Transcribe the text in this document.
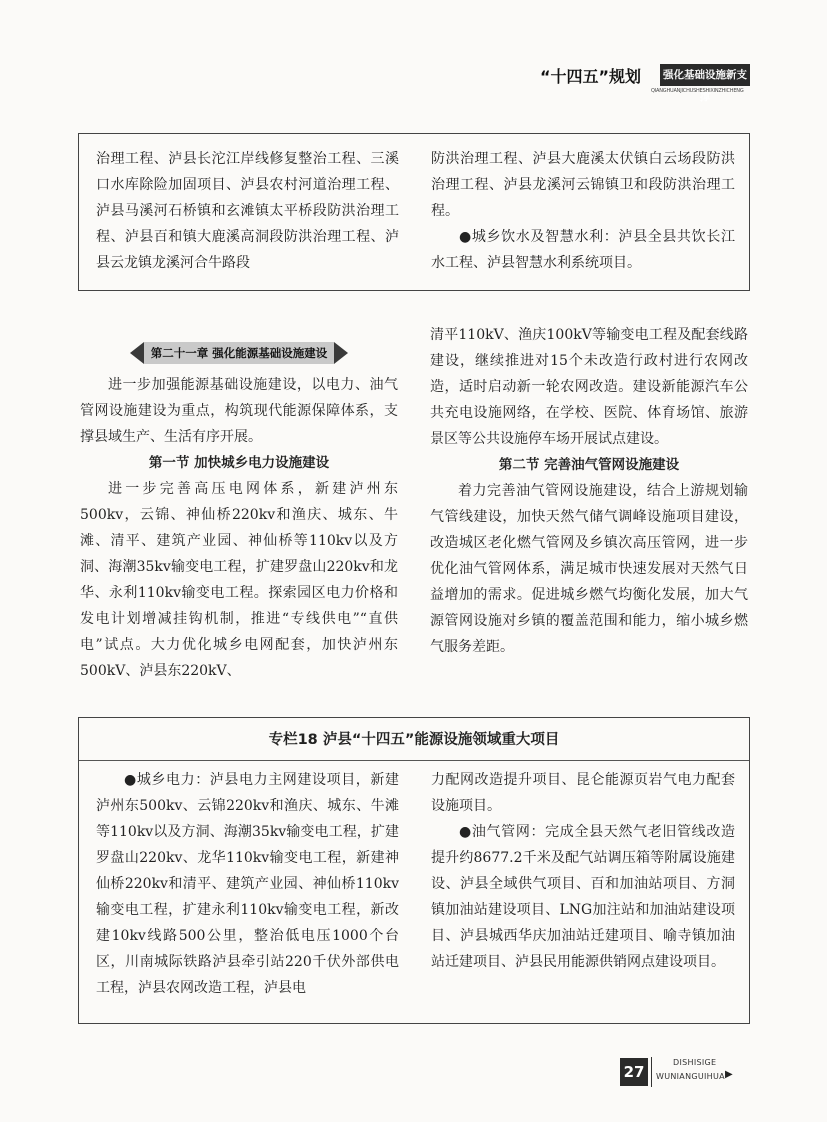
“十四五”规划 强化基础设施新支撑
QIANGHUANJICHUSHESHIXINZHICHENG

治理工程、泸县长沱江岸线修复整治工程、三溪口水库除险加固项目、泸县农村河道治理工程、泸县马溪河石桥镇和玄滩镇太平桥段防洪治理工程、泸县百和镇大鹿溪高洞段防洪治理工程、泸县云龙镇龙溪河合牛路段

防洪治理工程、泸县大鹿溪太伏镇白云场段防洪治理工程、泸县龙溪河云锦镇卫和段防洪治理工程。

●城乡饮水及智慧水利：泸县全县共饮长江水工程、泸县智慧水利系统项目。

第二十一章 强化能源基础设施建设

进一步加强能源基础设施建设，以电力、油气管网设施建设为重点，构筑现代能源保障体系，支撑县域生产、生活有序开展。

第一节 加快城乡电力设施建设

进一步完善高压电网体系，新建泸州东500kv，云锦、神仙桥220kv和渔庆、城东、牛滩、清平、建筑产业园、神仙桥等110kv以及方洞、海潮35kv输变电工程，扩建罗盘山220kv和龙华、永利110kv输变电工程。探索园区电力价格和发电计划增减挂钩机制，推进“专线供电”“直供电”试点。大力优化城乡电网配套，加快泸州东500kV、泸县东220kV、

清平110kV、渔庆100kV等输变电工程及配套线路建设，继续推进对15个未改造行政村进行农网改造，适时启动新一轮农网改造。建设新能源汽车公共充电设施网络，在学校、医院、体育场馆、旅游景区等公共设施停车场开展试点建设。

第二节 完善油气管网设施建设

着力完善油气管网设施建设，结合上游规划输气管线建设，加快天然气储气调峰设施项目建设，改造城区老化燃气管网及乡镇次高压管网，进一步优化油气管网体系，满足城市快速发展对天然气日益增加的需求。促进城乡燃气均衡化发展，加大气源管网设施对乡镇的覆盖范围和能力，缩小城乡燃气服务差距。

专栏18 泸县“十四五”能源设施领域重大项目

●城乡电力：泸县电力主网建设项目，新建泸州东500kv、云锦220kv和渔庆、城东、牛滩等110kv以及方洞、海潮35kv输变电工程，扩建罗盘山220kv、龙华110kv输变电工程，新建神仙桥220kv和清平、建筑产业园、神仙桥110kv输变电工程，扩建永利110kv输变电工程，新改建10kv线路500公里，整治低电压1000个台区，川南城际铁路泸县牵引站220千伏外部供电工程，泸县农网改造工程，泸县电

力配网改造提升项目、昆仑能源页岩气电力配套设施项目。

●油气管网：完成全县天然气老旧管线改造提升约8677.2千米及配气站调压箱等附属设施建设、泸县全域供气项目、百和加油站项目、方洞镇加油站建设项目、LNG加注站和加油站建设项目、泸县城西华庆加油站迁建项目、喻寺镇加油站迁建项目、泸县民用能源供销网点建设项目。

27
DISHISIGE
WUNIANGUIHUA ▶
